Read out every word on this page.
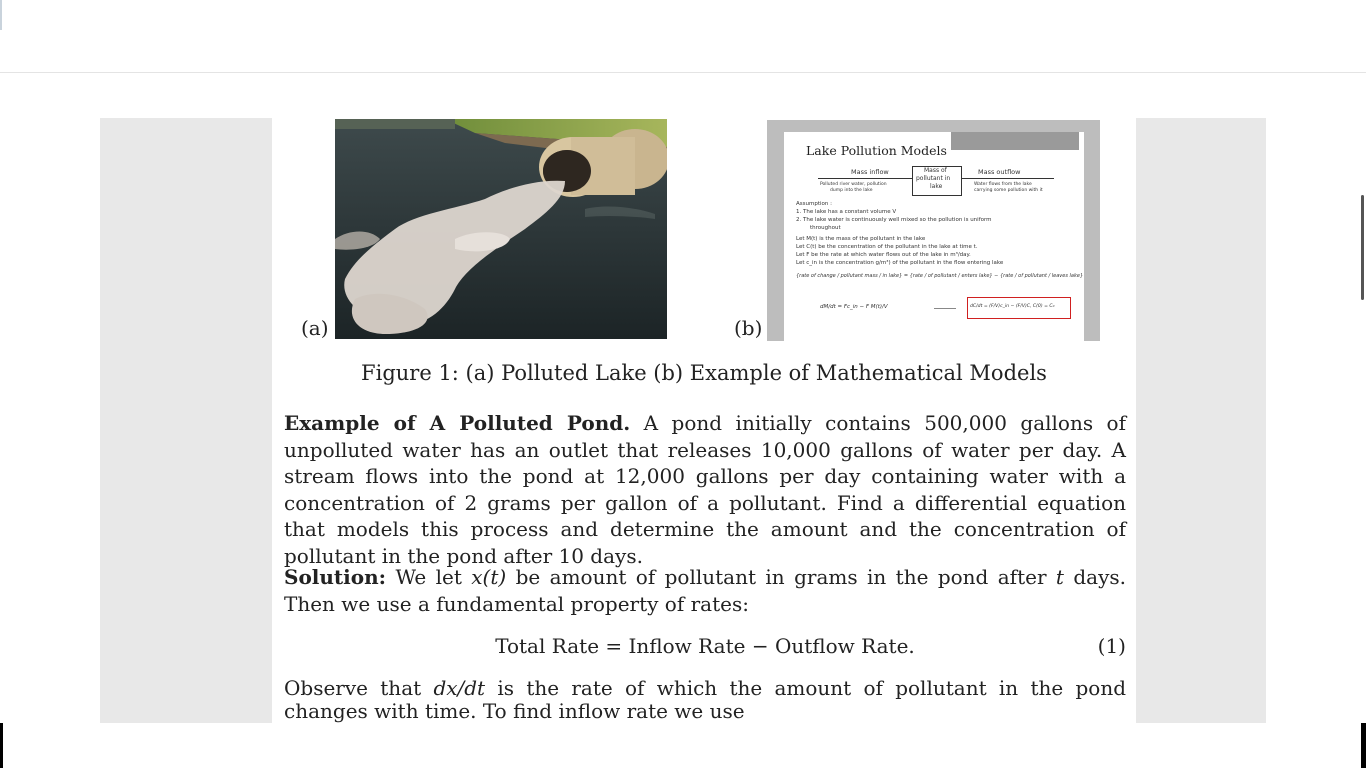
(a)	(b)
Lake Pollution Models
Mass inflow	Mass of
pollutant in
lake
Mass outflow
Polluted river water, pollution
dump into the lake
Water flows from the lake
carrying some pollution with it
Assumption :
1. The lake has a constant volume V
2. The lake water is continuously well mixed so the pollution is uniform
throughout
Let M(t) is the mass of the pollutant in the lake
Let C(t) be the concentration of the pollutant in the lake at time t.
Let F be the rate at which water flows out of the lake in m³/day.
Let c_in is the concentration g/m³) of the pollutant in the flow entering lake
{rate of change / pollutant mass / in lake} = {rate / of pollutant / enters lake} − {rate / of pollutant / leaves lake}
dM/dt = Fc_in − F M(t)/V	dC/dt = (F/V)c_in − (F/V)C, C(0) = C₀
Figure 1: (a) Polluted Lake (b) Example of Mathematical Models
Example of A Polluted Pond. A pond initially contains 500,000 gallons of unpolluted water has an outlet that releases 10,000 gallons of water per day. A stream flows into the pond at 12,000 gallons per day containing water with a concentration of 2 grams per gallon of a pollutant. Find a differential equation that models this process and determine the amount and the concentration of pollutant in the pond after 10 days.
Solution: We let x(t) be amount of pollutant in grams in the pond after t days. Then we use a fundamental property of rates:
Total Rate = Inflow Rate − Outflow Rate.	(1)
Observe that dx/dt is the rate of which the amount of pollutant in the pond changes with time. To find inflow rate we use
